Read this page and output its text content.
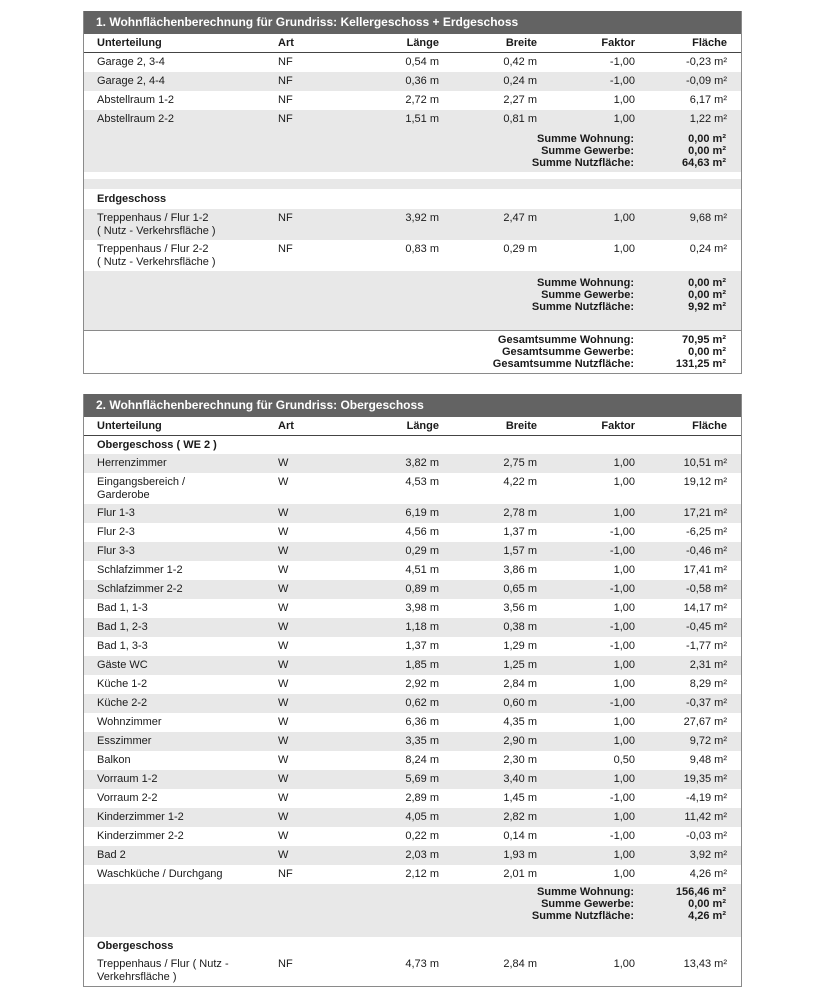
1. Wohnflächenberechnung für Grundriss: Kellergeschoss + Erdgeschoss
Unterteilung	Art	Länge	Breite	Faktor	Fläche
Garage 2, 3-4	NF	0,54 m	0,42 m	-1,00	-0,23 m²
Garage 2, 4-4	NF	0,36 m	0,24 m	-1,00	-0,09 m²
Abstellraum 1-2	NF	2,72 m	2,27 m	1,00	6,17 m²
Abstellraum 2-2	NF	1,51 m	0,81 m	1,00	1,22 m²
Summe Wohnung:	0,00 m²
Summe Gewerbe:	0,00 m²
Summe Nutzfläche:	64,63 m²
Erdgeschoss
Treppenhaus / Flur 1-2
( Nutz - Verkehrsfläche )
NF	3,92 m	2,47 m	1,00	9,68 m²
Treppenhaus / Flur 2-2
( Nutz - Verkehrsfläche )
NF	0,83 m	0,29 m	1,00	0,24 m²
Summe Wohnung:	0,00 m²
Summe Gewerbe:	0,00 m²
Summe Nutzfläche:	9,92 m²
Gesamtsumme Wohnung:	70,95 m²
Gesamtsumme Gewerbe:	0,00 m²
Gesamtsumme Nutzfläche:	131,25 m²
2. Wohnflächenberechnung für Grundriss: Obergeschoss
Unterteilung	Art	Länge	Breite	Faktor	Fläche
Obergeschoss ( WE 2 )
Herrenzimmer	W	3,82 m	2,75 m	1,00	10,51 m²
Eingangsbereich /
Garderobe
W	4,53 m	4,22 m	1,00	19,12 m²
Flur 1-3	W	6,19 m	2,78 m	1,00	17,21 m²
Flur 2-3	W	4,56 m	1,37 m	-1,00	-6,25 m²
Flur 3-3	W	0,29 m	1,57 m	-1,00	-0,46 m²
Schlafzimmer 1-2	W	4,51 m	3,86 m	1,00	17,41 m²
Schlafzimmer 2-2	W	0,89 m	0,65 m	-1,00	-0,58 m²
Bad 1, 1-3	W	3,98 m	3,56 m	1,00	14,17 m²
Bad 1, 2-3	W	1,18 m	0,38 m	-1,00	-0,45 m²
Bad 1, 3-3	W	1,37 m	1,29 m	-1,00	-1,77 m²
Gäste WC	W	1,85 m	1,25 m	1,00	2,31 m²
Küche 1-2	W	2,92 m	2,84 m	1,00	8,29 m²
Küche 2-2	W	0,62 m	0,60 m	-1,00	-0,37 m²
Wohnzimmer	W	6,36 m	4,35 m	1,00	27,67 m²
Esszimmer	W	3,35 m	2,90 m	1,00	9,72 m²
Balkon	W	8,24 m	2,30 m	0,50	9,48 m²
Vorraum 1-2	W	5,69 m	3,40 m	1,00	19,35 m²
Vorraum 2-2	W	2,89 m	1,45 m	-1,00	-4,19 m²
Kinderzimmer 1-2	W	4,05 m	2,82 m	1,00	11,42 m²
Kinderzimmer 2-2	W	0,22 m	0,14 m	-1,00	-0,03 m²
Bad 2	W	2,03 m	1,93 m	1,00	3,92 m²
Waschküche / Durchgang	NF	2,12 m	2,01 m	1,00	4,26 m²
Summe Wohnung:	156,46 m²
Summe Gewerbe:	0,00 m²
Summe Nutzfläche:	4,26 m²
Obergeschoss
Treppenhaus / Flur ( Nutz -
Verkehrsfläche )
NF	4,73 m	2,84 m	1,00	13,43 m²
